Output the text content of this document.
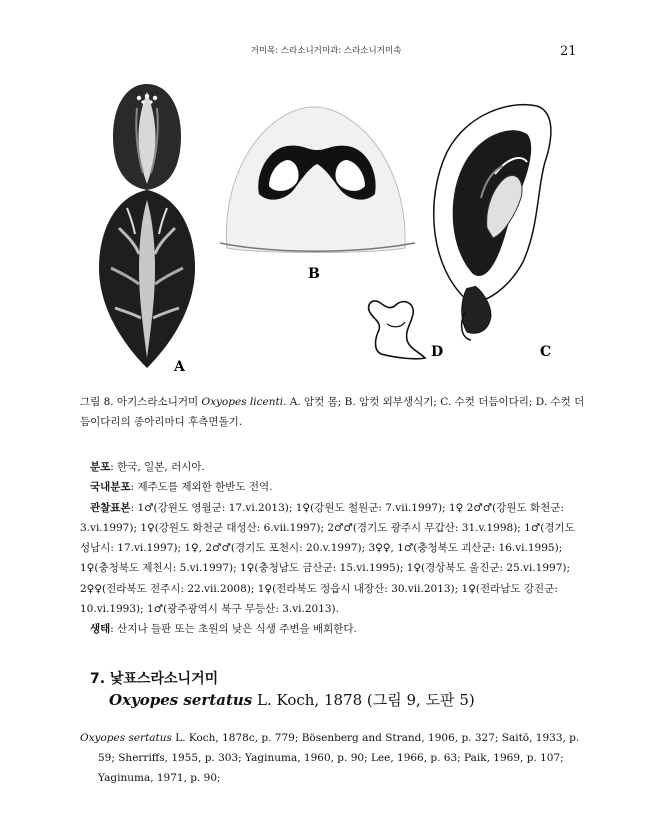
거미목: 스라소니거미과: 스라소니거미속	21
A
B
C
D
그림 8. 아기스라소니거미 Oxyopes licenti. A. 암컷 몸; B. 암컷 외부생식기; C. 수컷 더듬이다리; D. 수컷 더듬이다리의 종아리마디 후측면돌기.

분포: 한국, 일본, 러시아.

국내분포: 제주도를 제외한 한반도 전역.

관찰표본: 1♂(강원도 영월군: 17.vi.2013); 1♀(강원도 철원군: 7.vii.1997); 1♀ 2♂♂(강원도 화천군: 3.vi.1997); 1♀(강원도 화천군 대성산: 6.vii.1997); 2♂♂(경기도 광주시 무갑산: 31.v.1998); 1♂(경기도 성남시: 17.vi.1997); 1♀, 2♂♂(경기도 포천시: 20.v.1997); 3♀♀, 1♂(충청북도 괴산군: 16.vi.1995); 1♀(충청북도 제천시: 5.vi.1997); 1♀(충청남도 금산군: 15.vi.1995); 1♀(경상북도 울진군: 25.vi.1997); 2♀♀(전라북도 전주시: 22.vii.2008); 1♀(전라북도 정읍시 내장산: 30.vii.2013); 1♀(전라남도 강진군: 10.vi.1993); 1♂(광주광역시 북구 무등산: 3.vi.2013).

생태: 산지나 들판 또는 초원의 낮은 식생 주변을 배회한다.

7. 낯표스라소니거미
Oxyopes sertatus L. Koch, 1878 (그림 9, 도판 5)

Oxyopes sertatus L. Koch, 1878c, p. 779; Bösenberg and Strand, 1906, p. 327; Saitō, 1933, p. 59; Sherriffs, 1955, p. 303; Yaginuma, 1960, p. 90; Lee, 1966, p. 63; Paik, 1969, p. 107; Yaginuma, 1971, p. 90;
